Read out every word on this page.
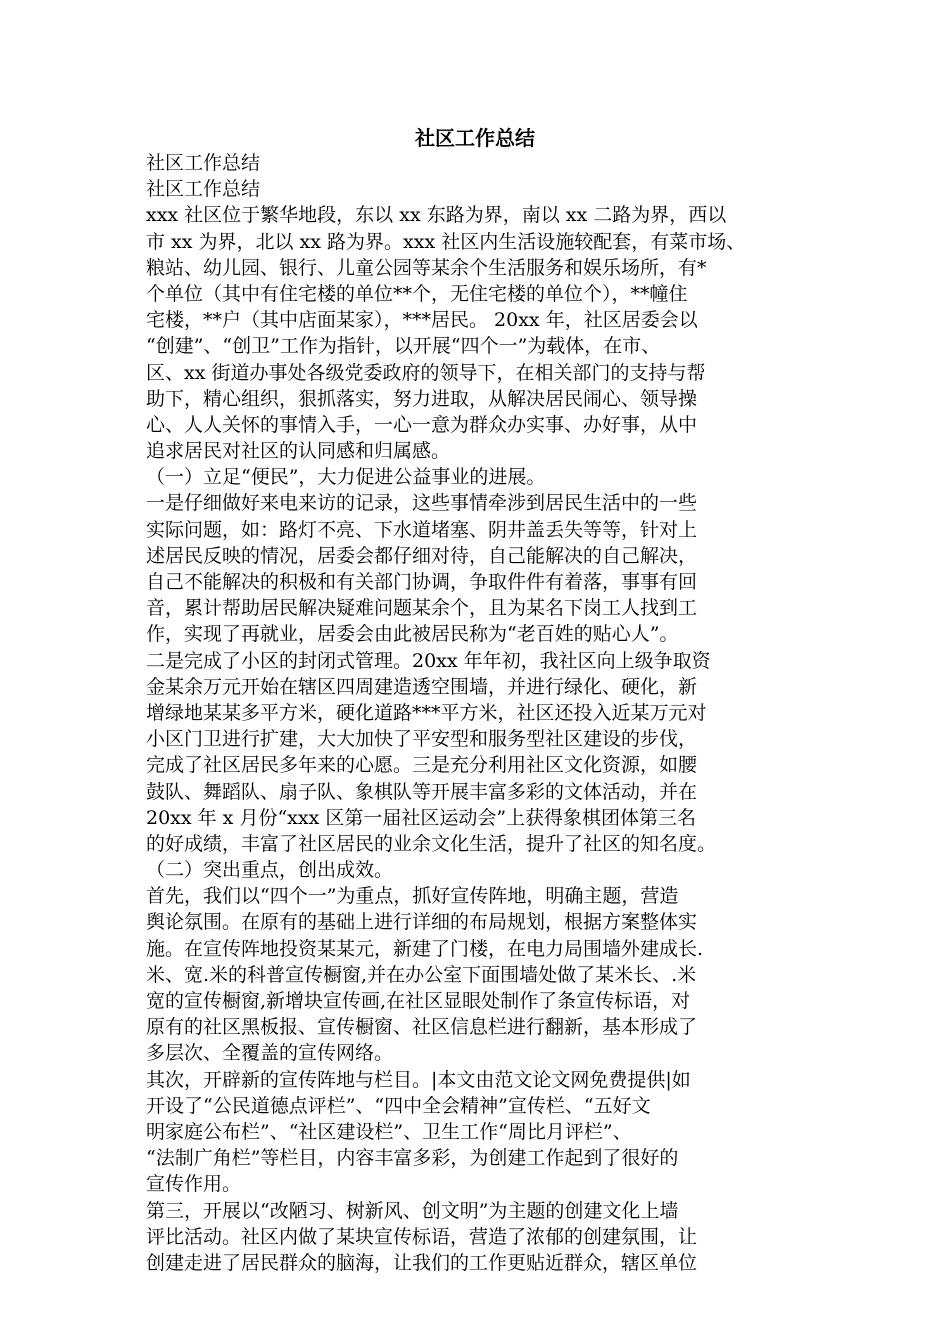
社区工作总结
社区工作总结
社区工作总结
xxx 社区位于繁华地段，东以 xx 东路为界，南以 xx 二路为界，西以
市 xx 为界，北以 xx 路为界。xxx 社区内生活设施较配套，有菜市场、
粮站、幼儿园、银行、儿童公园等某余个生活服务和娱乐场所，有*
个单位（其中有住宅楼的单位**个，无住宅楼的单位个），**幢住
宅楼，**户（其中店面某家），***居民。 20xx 年，社区居委会以
“创建”、“创卫”工作为指针，以开展“四个一”为载体，在市、
区、xx 街道办事处各级党委政府的领导下，在相关部门的支持与帮
助下，精心组织，狠抓落实，努力进取，从解决居民闹心、领导操
心、人人关怀的事情入手，一心一意为群众办实事、办好事，从中
追求居民对社区的认同感和归属感。
（一）立足“便民”，大力促进公益事业的进展。
一是仔细做好来电来访的记录，这些事情牵涉到居民生活中的一些
实际问题，如：路灯不亮、下水道堵塞、阴井盖丢失等等，针对上
述居民反映的情况，居委会都仔细对待，自己能解决的自己解决，
自己不能解决的积极和有关部门协调，争取件件有着落，事事有回
音，累计帮助居民解决疑难问题某余个，且为某名下岗工人找到工
作，实现了再就业，居委会由此被居民称为“老百姓的贴心人”。
二是完成了小区的封闭式管理。20xx 年年初，我社区向上级争取资
金某余万元开始在辖区四周建造透空围墙，并进行绿化、硬化，新
增绿地某某多平方米，硬化道路***平方米，社区还投入近某万元对
小区门卫进行扩建，大大加快了平安型和服务型社区建设的步伐，
完成了社区居民多年来的心愿。三是充分利用社区文化资源，如腰
鼓队、舞蹈队、扇子队、象棋队等开展丰富多彩的文体活动，并在
20xx 年 x 月份“xxx 区第一届社区运动会”上获得象棋团体第三名
的好成绩，丰富了社区居民的业余文化生活，提升了社区的知名度。
（二）突出重点，创出成效。
首先，我们以“四个一”为重点，抓好宣传阵地，明确主题，营造
舆论氛围。在原有的基础上进行详细的布局规划，根据方案整体实
施。在宣传阵地投资某某元，新建了门楼，在电力局围墙外建成长.
米、宽.米的科普宣传橱窗,并在办公室下面围墙处做了某米长、.米
宽的宣传橱窗,新增块宣传画,在社区显眼处制作了条宣传标语，对
原有的社区黑板报、宣传橱窗、社区信息栏进行翻新，基本形成了
多层次、全覆盖的宣传网络。
其次，开辟新的宣传阵地与栏目。|本文由范文论文网免费提供|如
开设了“公民道德点评栏”、“四中全会精神”宣传栏、“五好文
明家庭公布栏”、“社区建设栏”、卫生工作“周比月评栏”、
“法制广角栏”等栏目，内容丰富多彩，为创建工作起到了很好的
宣传作用。
第三，开展以“改陋习、树新风、创文明”为主题的创建文化上墙
评比活动。社区内做了某块宣传标语，营造了浓郁的创建氛围，让
创建走进了居民群众的脑海，让我们的工作更贴近群众，辖区单位
